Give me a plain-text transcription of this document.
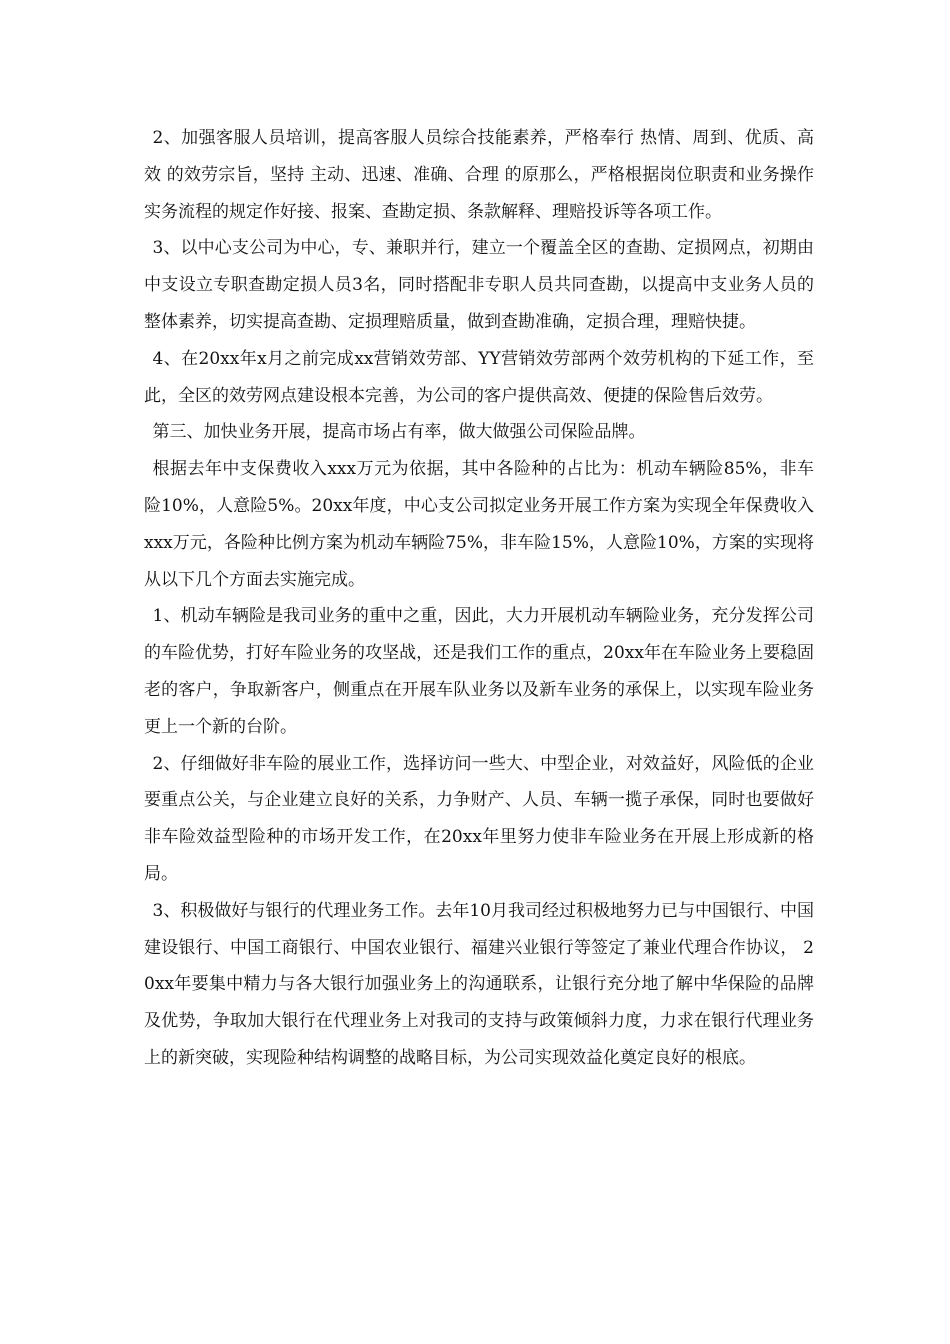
2、加强客服人员培训，提高客服人员综合技能素养，严格奉行 热情、周到、优质、高效 的效劳宗旨，坚持 主动、迅速、准确、合理 的原那么，严格根据岗位职责和业务操作实务流程的规定作好接、报案、查勘定损、条款解释、理赔投诉等各项工作。

3、以中心支公司为中心，专、兼职并行，建立一个覆盖全区的查勘、定损网点，初期由中支设立专职查勘定损人员3名，同时搭配非专职人员共同查勘，以提高中支业务人员的整体素养，切实提高查勘、定损理赔质量，做到查勘准确，定损合理，理赔快捷。

4、在20xx年x月之前完成xx营销效劳部、YY营销效劳部两个效劳机构的下延工作，至此，全区的效劳网点建设根本完善，为公司的客户提供高效、便捷的保险售后效劳。

第三、加快业务开展，提高市场占有率，做大做强公司保险品牌。

根据去年中支保费收入xxx万元为依据，其中各险种的占比为：机动车辆险85%，非车险10%，人意险5%。20xx年度，中心支公司拟定业务开展工作方案为实现全年保费收入xxx万元，各险种比例方案为机动车辆险75%，非车险15%，人意险10%，方案的实现将从以下几个方面去实施完成。

1、机动车辆险是我司业务的重中之重，因此，大力开展机动车辆险业务，充分发挥公司的车险优势，打好车险业务的攻坚战，还是我们工作的重点，20xx年在车险业务上要稳固老的客户，争取新客户，侧重点在开展车队业务以及新车业务的承保上，以实现车险业务更上一个新的台阶。

2、仔细做好非车险的展业工作，选择访问一些大、中型企业，对效益好，风险低的企业要重点公关，与企业建立良好的关系，力争财产、人员、车辆一揽子承保，同时也要做好非车险效益型险种的市场开发工作，在20xx年里努力使非车险业务在开展上形成新的格局。

3、积极做好与银行的代理业务工作。去年10月我司经过积极地努力已与中国银行、中国建设银行、中国工商银行、中国农业银行、福建兴业银行等签定了兼业代理合作协议， 20xx年要集中精力与各大银行加强业务上的沟通联系，让银行充分地了解中华保险的品牌及优势，争取加大银行在代理业务上对我司的支持与政策倾斜力度，力求在银行代理业务上的新突破，实现险种结构调整的战略目标，为公司实现效益化奠定良好的根底。
